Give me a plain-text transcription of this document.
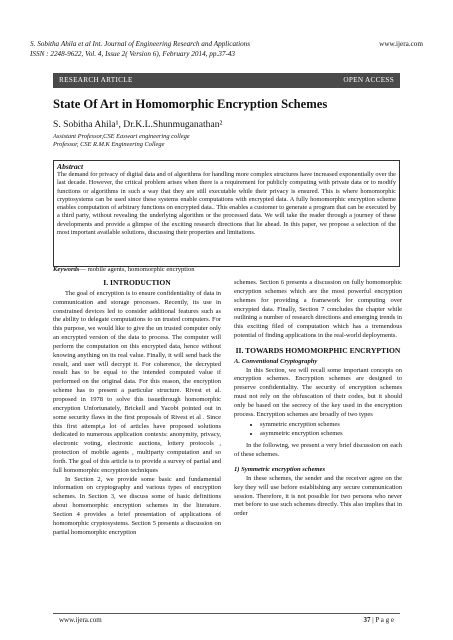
S. Sobitha Ahila et al Int. Journal of Engineering Research and Applications	www.ijera.com
ISSN : 2248-9622, Vol. 4, Issue 2( Version 6), February 2014, pp.37-43
RESEARCH ARTICLE	OPEN ACCESS
State Of Art in Homomorphic Encryption Schemes
S. Sobitha Ahila¹, Dr.K.L.Shunmuganathan²
Assistant Professor,CSE Easwari engineering college
Professor, CSE R.M.K Engineering College
Abstract
The demand for privacy of digital data and of algorithms for handling more complex structures have increased exponentially over the last decade. However, the critical problem arises when there is a requirement for publicly computing with private data or to modify functions or algorithms in such a way that they are still executable while their privacy is ensured. This is where homomorphic cryptosystems can be used since these systems enable computations with encrypted data. A fully homomorphic encryption scheme enables computation of arbitrary functions on encrypted data.. This enables a customer to generate a program that can be executed by a third party, without revealing the underlying algorithm or the processed data. We will take the reader through a journey of these developments and provide a glimpse of the exciting research directions that lie ahead. In this paper, we propose a selection of the most important available solutions, discussing their properties and limitations.
Keywords— mobile agents, homomorphic encryption
I. INTRODUCTION

The goal of encryption is to ensure confidentiality of data in communication and storage processes. Recently, its use in constrained devices led to consider additional features such as the ability to delegate computations to un trusted computers. For this purpose, we would like to give the un trusted computer only an encrypted version of the data to process. The computer will perform the computation on this encrypted data, hence without knowing anything on its real value. Finally, it will send back the result, and user will decrypt it. For coherence, the decrypted result has to be equal to the intended computed value if performed on the original data. For this reason, the encryption scheme has to present a particular structure. Rivest et al. proposed in 1978 to solve this issuethrough homomorphic encryption Unfortunately, Brickell and Yacobi pointed out in some security flaws in the first proposals of Rivest et al . Since this first attempt,a lot of articles have proposed solutions dedicated to numerous application contexts: anonymity, privacy, electronic voting, electronic auctions, lottery protocols , protection of mobile agents , multiparty computation and so forth. The goal of this article is to provide a survey of partial and full homomorphic encryption techniques

In Section 2, we provide some basic and fundamental information on cryptography and various types of encryption schemes. In Section 3, we discuss some of basic definitions about homomorphic encryption schemes in the literature. Section 4 provides a brief presentation of applications of homomorphic cryptosystems. Section 5 presents a discussion on partial homomorphic encryption

schemes. Section 6 presents a discussion on fully homomorphic encryption schemes which are the most powerful encryption schemes for providing a framework for computing over encrypted data. Finally, Section 7 concludes the chapter while outlining a number of research directions and emerging trends in this exciting filed of computation which has a tremendous potential of finding applications in the real-world deployments.

II. TOWARDS HOMOMORPHIC ENCRYPTION
A. Conventional Cryptography

In this Section, we will recall some important concepts on encryption schemes. Encryption schemes are designed to preserve confidentiality. The security of encryption schemes must not rely on the obfuscation of their codes, but it should only be based on the secrecy of the key used in the encryption process. Encryption schemes are broadly of two types

• symmetric encryption schemes
• asymmetric encryption schemes

In the following, we present a very brief discussion on each of these schemes.

1) Symmetric encryption schemes

In these schemes, the sender and the receiver agree on the key they will use before establishing any secure communication session. Therefore, it is not possible for two persons who never met before to use such schemes directly. This also implies that in order

www.ijera.com	37 | P a g e
